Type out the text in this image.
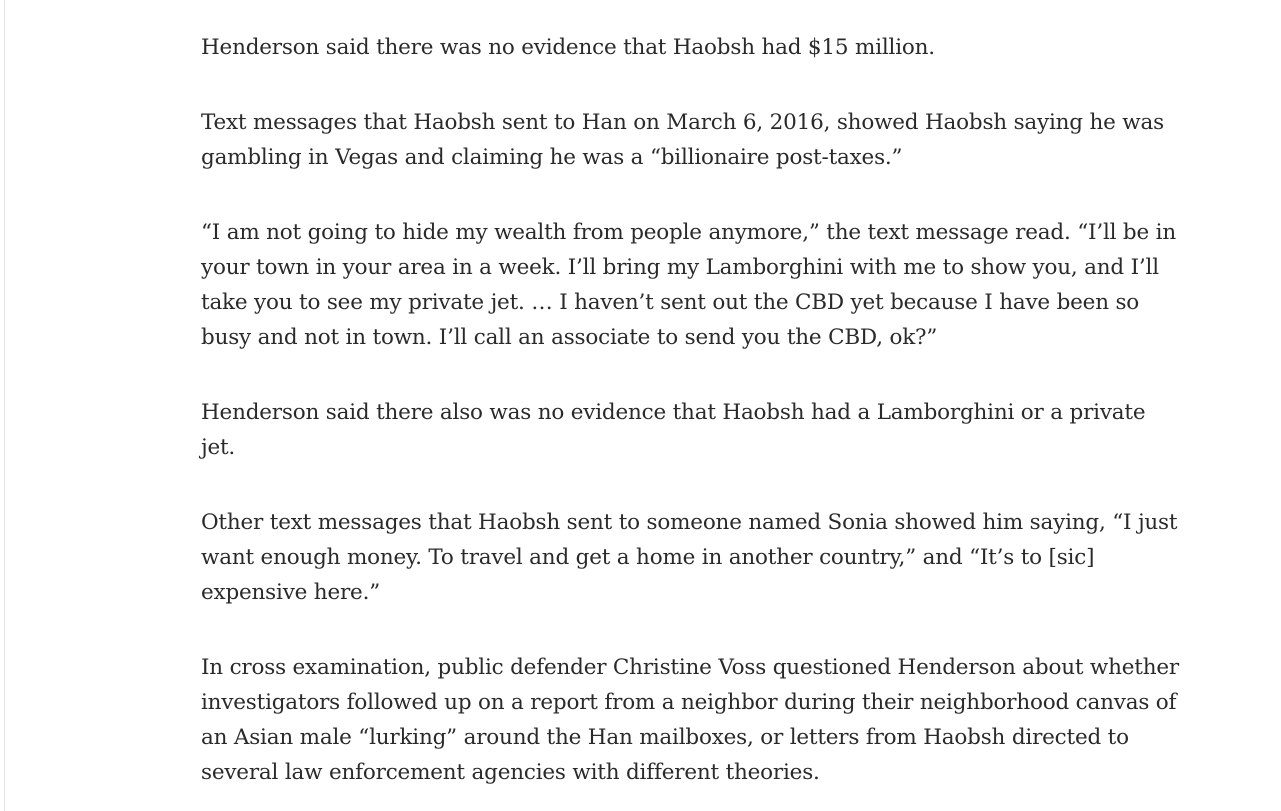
Henderson said there was no evidence that Haobsh had $15 million.

Text messages that Haobsh sent to Han on March 6, 2016, showed Haobsh saying he was gambling in Vegas and claiming he was a “billionaire post-taxes.”

“I am not going to hide my wealth from people anymore,” the text message read. “I’ll be in your town in your area in a week. I’ll bring my Lamborghini with me to show you, and I’ll take you to see my private jet. … I haven’t sent out the CBD yet because I have been so busy and not in town. I’ll call an associate to send you the CBD, ok?”

Henderson said there also was no evidence that Haobsh had a Lamborghini or a private jet.

Other text messages that Haobsh sent to someone named Sonia showed him saying, “I just want enough money. To travel and get a home in another country,” and “It’s to [sic] expensive here.”

In cross examination, public defender Christine Voss questioned Henderson about whether investigators followed up on a report from a neighbor during their neighborhood canvas of an Asian male “lurking” around the Han mailboxes, or letters from Haobsh directed to several law enforcement agencies with different theories.
